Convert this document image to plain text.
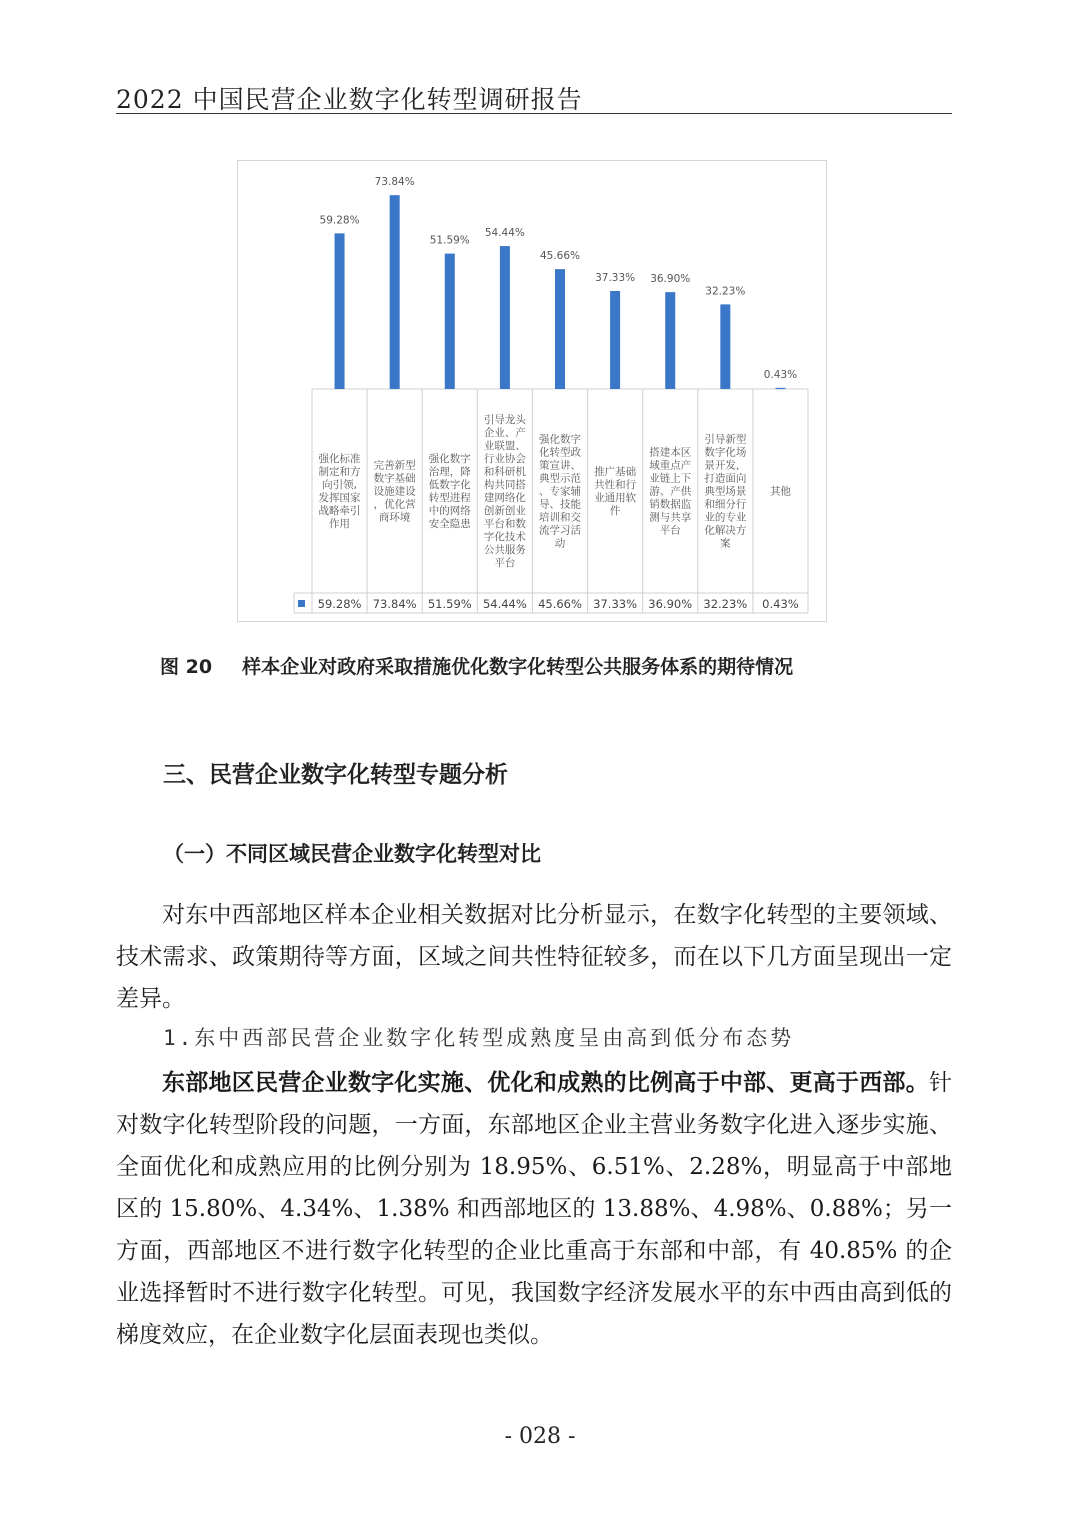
2022 中国民营企业数字化转型调研报告
59.28%
强化标准
制定和方
向引领,
发挥国家
战略牵引
作用
59.28%
73.84%
完善新型
数字基础
设施建设
，优化营
商环境
73.84%
51.59%
强化数字
治理，降
低数字化
转型进程
中的网络
安全隐患
51.59%
54.44%
引导龙头
企业、产
业联盟、
行业协会
和科研机
构共同搭
建网络化
创新创业
平台和数
字化技术
公共服务
平台
54.44%
45.66%
强化数字
化转型政
策宣讲、
典型示范
、专家辅
导、技能
培训和交
流学习活
动
45.66%
37.33%
推广基础
共性和行
业通用软
件
37.33%
36.90%
搭建本区
域重点产
业链上下
游、产供
销数据监
测与共享
平台
36.90%
32.23%
引导新型
数字化场
景开发，
打造面向
典型场景
和细分行
业的专业
化解决方
案
32.23%
0.43%
其他
0.43%
图 20 样本企业对政府采取措施优化数字化转型公共服务体系的期待情况
三、民营企业数字化转型专题分析
（一）不同区域民营企业数字化转型对比
对东中西部地区样本企业相关数据对比分析显示，在数字化转型的主要领域、技术需求、政策期待等方面，区域之间共性特征较多，而在以下几方面呈现出一定差异。
1.东中西部民营企业数字化转型成熟度呈由高到低分布态势
东部地区民营企业数字化实施、优化和成熟的比例高于中部、更高于西部。针对数字化转型阶段的问题，一方面，东部地区企业主营业务数字化进入逐步实施、全面优化和成熟应用的比例分别为 18.95%、6.51%、2.28%，明显高于中部地区的 15.80%、4.34%、1.38% 和西部地区的 13.88%、4.98%、0.88%；另一方面，西部地区不进行数字化转型的企业比重高于东部和中部，有 40.85% 的企业选择暂时不进行数字化转型。可见，我国数字经济发展水平的东中西由高到低的梯度效应，在企业数字化层面表现也类似。
- 028 -
